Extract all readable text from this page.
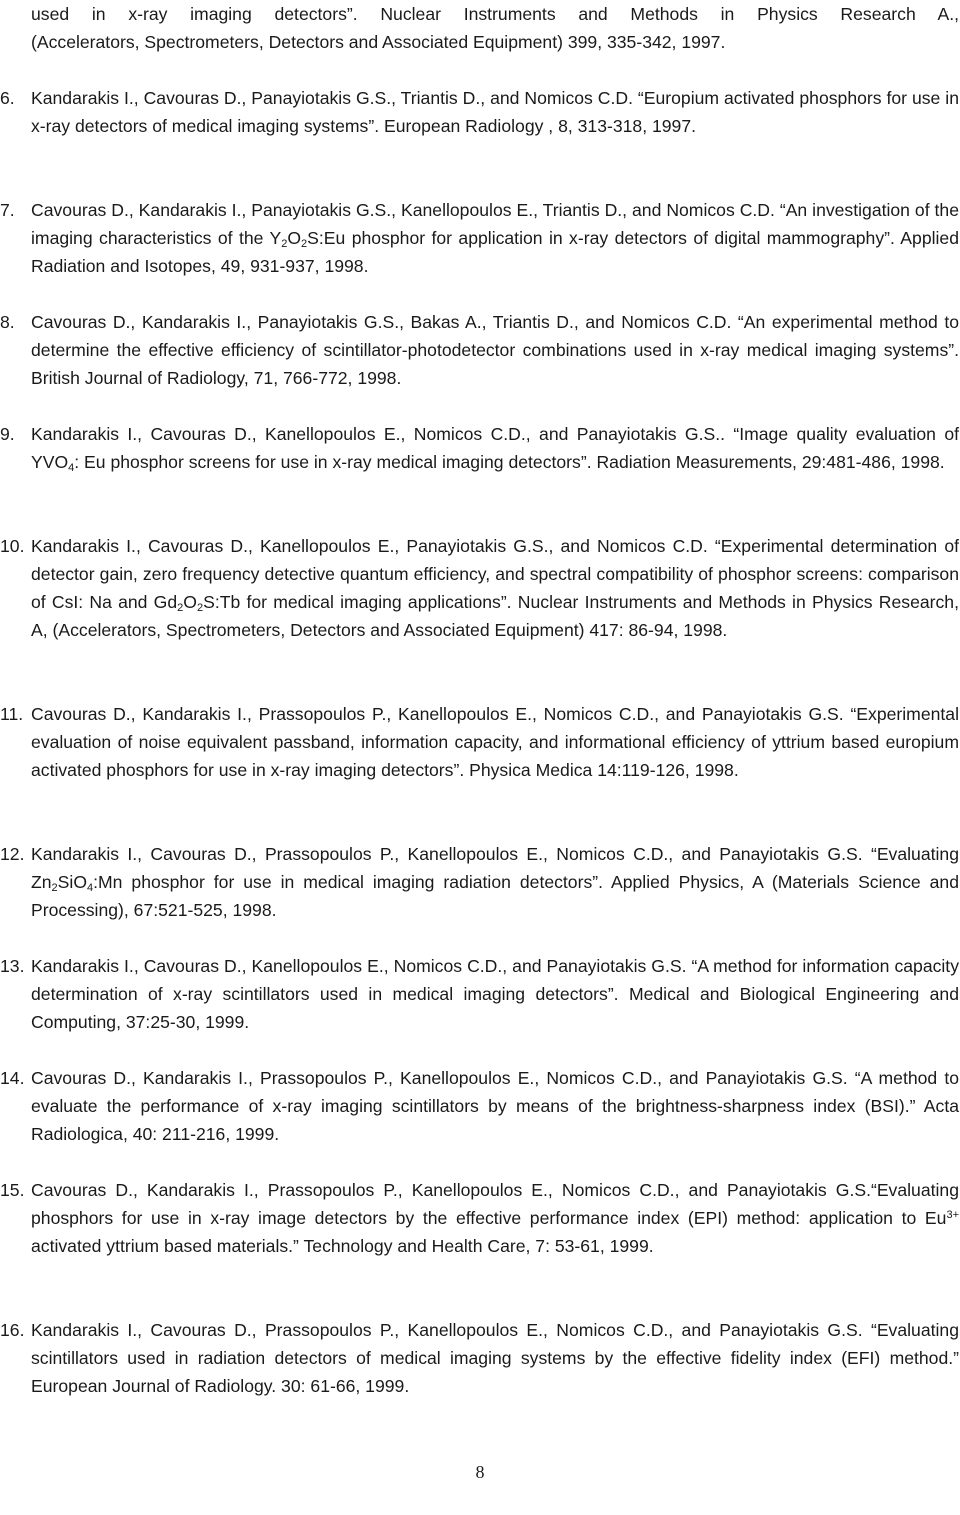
used in x-ray imaging detectors”. Nuclear Instruments and Methods in Physics Research A.,
(Accelerators, Spectrometers, Detectors and Associated Equipment) 399, 335-342, 1997.
6. Kandarakis I., Cavouras D., Panayiotakis G.S., Triantis D., and Nomicos C.D. “Europium activated phosphors for use in x-ray detectors of medical imaging systems”. European Radiology , 8, 313-318, 1997.
7. Cavouras D., Kandarakis I., Panayiotakis G.S., Kanellopoulos E., Triantis D., and Nomicos C.D. “An investigation of the imaging characteristics of the $Y_2O_2S:Eu$ phosphor for application in x-ray detectors of digital mammography”. Applied Radiation and Isotopes, 49, 931-937, 1998.
8. Cavouras D., Kandarakis I., Panayiotakis G.S., Bakas A., Triantis D., and Nomicos C.D. “An experimental method to determine the effective efficiency of scintillator-photodetector combinations used in x-ray medical imaging systems”. British Journal of Radiology, 71, 766-772, 1998.
9. Kandarakis I., Cavouras D., Kanellopoulos E., Nomicos C.D., and Panayiotakis G.S.. “Image quality evaluation of $YVO_4$: Eu phosphor screens for use in x-ray medical imaging detectors”. Radiation Measurements, 29:481-486, 1998.
10. Kandarakis I., Cavouras D., Kanellopoulos E., Panayiotakis G.S., and Nomicos C.D. “Experimental determination of detector gain, zero frequency detective quantum efficiency, and spectral compatibility of phosphor screens: comparison of CsI: Na and $Gd_2O_2S:Tb$ for medical imaging applications”. Nuclear Instruments and Methods in Physics Research, A, (Accelerators, Spectrometers, Detectors and Associated Equipment) 417: 86-94, 1998.
11. Cavouras D., Kandarakis I., Prassopoulos P., Kanellopoulos E., Nomicos C.D., and Panayiotakis G.S. “Experimental evaluation of noise equivalent passband, information capacity, and informational efficiency of yttrium based europium activated phosphors for use in x-ray imaging detectors”. Physica Medica 14:119-126, 1998.
12. Kandarakis I., Cavouras D., Prassopoulos P., Kanellopoulos E., Nomicos C.D., and Panayiotakis G.S. “Evaluating $Zn_2SiO_4:Mn$ phosphor for use in medical imaging radiation detectors”. Applied Physics, A (Materials Science and Processing), 67:521-525, 1998.
13. Kandarakis I., Cavouras D., Kanellopoulos E., Nomicos C.D., and Panayiotakis G.S. “A method for information capacity determination of x-ray scintillators used in medical imaging detectors”. Medical and Biological Engineering and Computing, 37:25-30, 1999.
14. Cavouras D., Kandarakis I., Prassopoulos P., Kanellopoulos E., Nomicos C.D., and Panayiotakis G.S. “A method to evaluate the performance of x-ray imaging scintillators by means of the brightness-sharpness index (BSI).” Acta Radiologica, 40: 211-216, 1999.
15. Cavouras D., Kandarakis I., Prassopoulos P., Kanellopoulos E., Nomicos C.D., and Panayiotakis G.S.“Evaluating phosphors for use in x-ray image detectors by the effective performance index (EPI) method: application to $Eu^{3+}$ activated yttrium based materials.” Technology and Health Care, 7: 53-61, 1999.
16. Kandarakis I., Cavouras D., Prassopoulos P., Kanellopoulos E., Nomicos C.D., and Panayiotakis G.S. “Evaluating scintillators used in radiation detectors of medical imaging systems by the effective fidelity index (EFI) method.” European Journal of Radiology. 30: 61-66, 1999.
8
